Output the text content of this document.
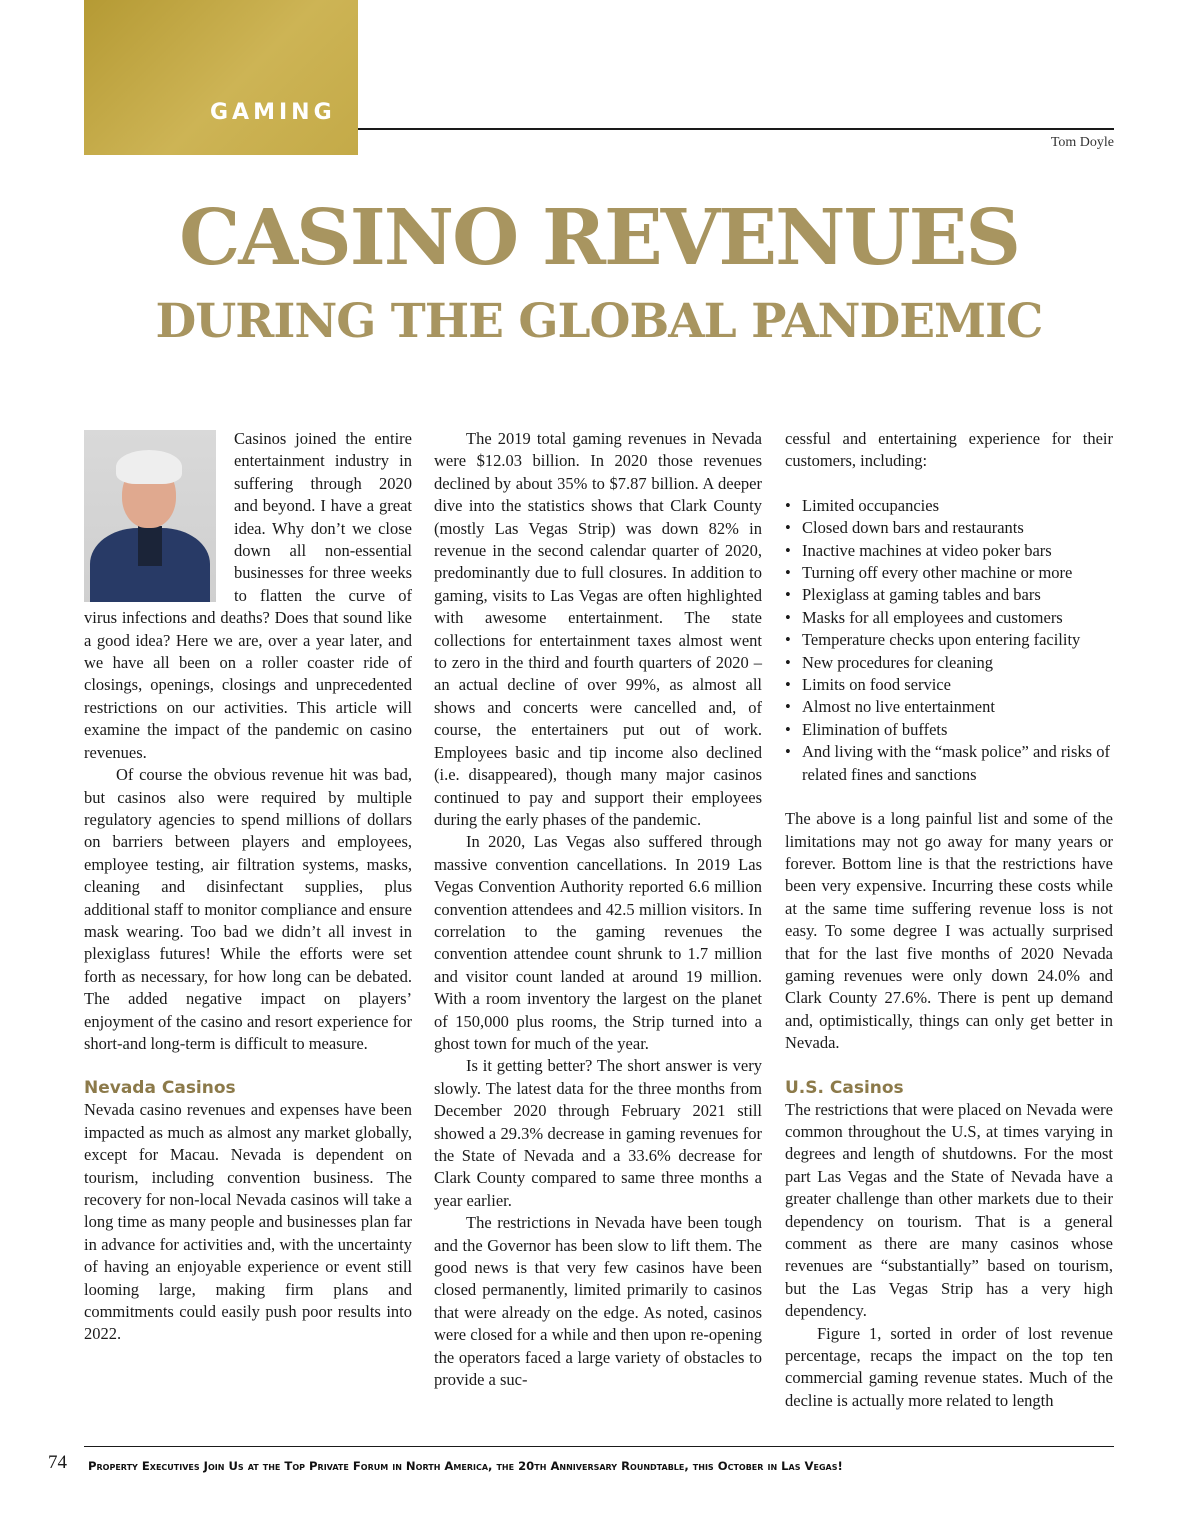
GAMING
Tom Doyle
CASINO REVENUES
DURING THE GLOBAL PANDEMIC

Casinos joined the entire entertainment industry in suffering through 2020 and beyond. I have a great idea. Why don’t we close down all non-essential businesses for three weeks to flatten the curve of virus infections and deaths? Does that sound like a good idea? Here we are, over a year later, and we have all been on a roller coaster ride of closings, openings, closings and unprecedented restrictions on our activities. This article will examine the impact of the pandemic on casino revenues.

Of course the obvious revenue hit was bad, but casinos also were required by multiple regulatory agencies to spend millions of dollars on barriers between players and employees, employee testing, air filtration systems, masks, cleaning and disinfectant supplies, plus additional staff to monitor compliance and ensure mask wearing. Too bad we didn’t all invest in plexiglass futures! While the efforts were set forth as necessary, for how long can be debated. The added negative impact on players’ enjoyment of the casino and resort experience for short-and long-term is difficult to measure.

Nevada Casinos

Nevada casino revenues and expenses have been impacted as much as almost any market globally, except for Macau. Nevada is dependent on tourism, including convention business. The recovery for non-local Nevada casinos will take a long time as many people and businesses plan far in advance for activities and, with the uncertainty of having an enjoyable experience or event still looming large, making firm plans and commitments could easily push poor results into 2022.

The 2019 total gaming revenues in Nevada were $12.03 billion. In 2020 those revenues declined by about 35% to $7.87 billion. A deeper dive into the statistics shows that Clark County (mostly Las Vegas Strip) was down 82% in revenue in the second calendar quarter of 2020, predominantly due to full closures. In addition to gaming, visits to Las Vegas are often highlighted with awesome entertainment. The state collections for entertainment taxes almost went to zero in the third and fourth quarters of 2020 – an actual decline of over 99%, as almost all shows and concerts were cancelled and, of course, the entertainers put out of work. Employees basic and tip income also declined (i.e. disappeared), though many major casinos continued to pay and support their employees during the early phases of the pandemic.

In 2020, Las Vegas also suffered through massive convention cancellations. In 2019 Las Vegas Convention Authority reported 6.6 million convention attendees and 42.5 million visitors. In correlation to the gaming revenues the convention attendee count shrunk to 1.7 million and visitor count landed at around 19 million. With a room inventory the largest on the planet of 150,000 plus rooms, the Strip turned into a ghost town for much of the year.

Is it getting better? The short answer is very slowly. The latest data for the three months from December 2020 through February 2021 still showed a 29.3% decrease in gaming revenues for the State of Nevada and a 33.6% decrease for Clark County compared to same three months a year earlier.

The restrictions in Nevada have been tough and the Governor has been slow to lift them. The good news is that very few casinos have been closed permanently, limited primarily to casinos that were already on the edge. As noted, casinos were closed for a while and then upon re-opening the operators faced a large variety of obstacles to provide a suc-

cessful and entertaining experience for their customers, including:

• Limited occupancies
• Closed down bars and restaurants
• Inactive machines at video poker bars
• Turning off every other machine or more
• Plexiglass at gaming tables and bars
• Masks for all employees and customers
• Temperature checks upon entering facility
• New procedures for cleaning
• Limits on food service
• Almost no live entertainment
• Elimination of buffets
• And living with the “mask police” and risks of related fines and sanctions

The above is a long painful list and some of the limitations may not go away for many years or forever. Bottom line is that the restrictions have been very expensive. Incurring these costs while at the same time suffering revenue loss is not easy. To some degree I was actually surprised that for the last five months of 2020 Nevada gaming revenues were only down 24.0% and Clark County 27.6%. There is pent up demand and, optimistically, things can only get better in Nevada.

U.S. Casinos

The restrictions that were placed on Nevada were common throughout the U.S, at times varying in degrees and length of shutdowns. For the most part Las Vegas and the State of Nevada have a greater challenge than other markets due to their dependency on tourism. That is a general comment as there are many casinos whose revenues are “substantially” based on tourism, but the Las Vegas Strip has a very high dependency.

Figure 1, sorted in order of lost revenue percentage, recaps the impact on the top ten commercial gaming revenue states. Much of the decline is actually more related to length

74 Property Executives Join Us at the Top Private Forum in North America, the 20th Anniversary Roundtable, this October in Las Vegas!
